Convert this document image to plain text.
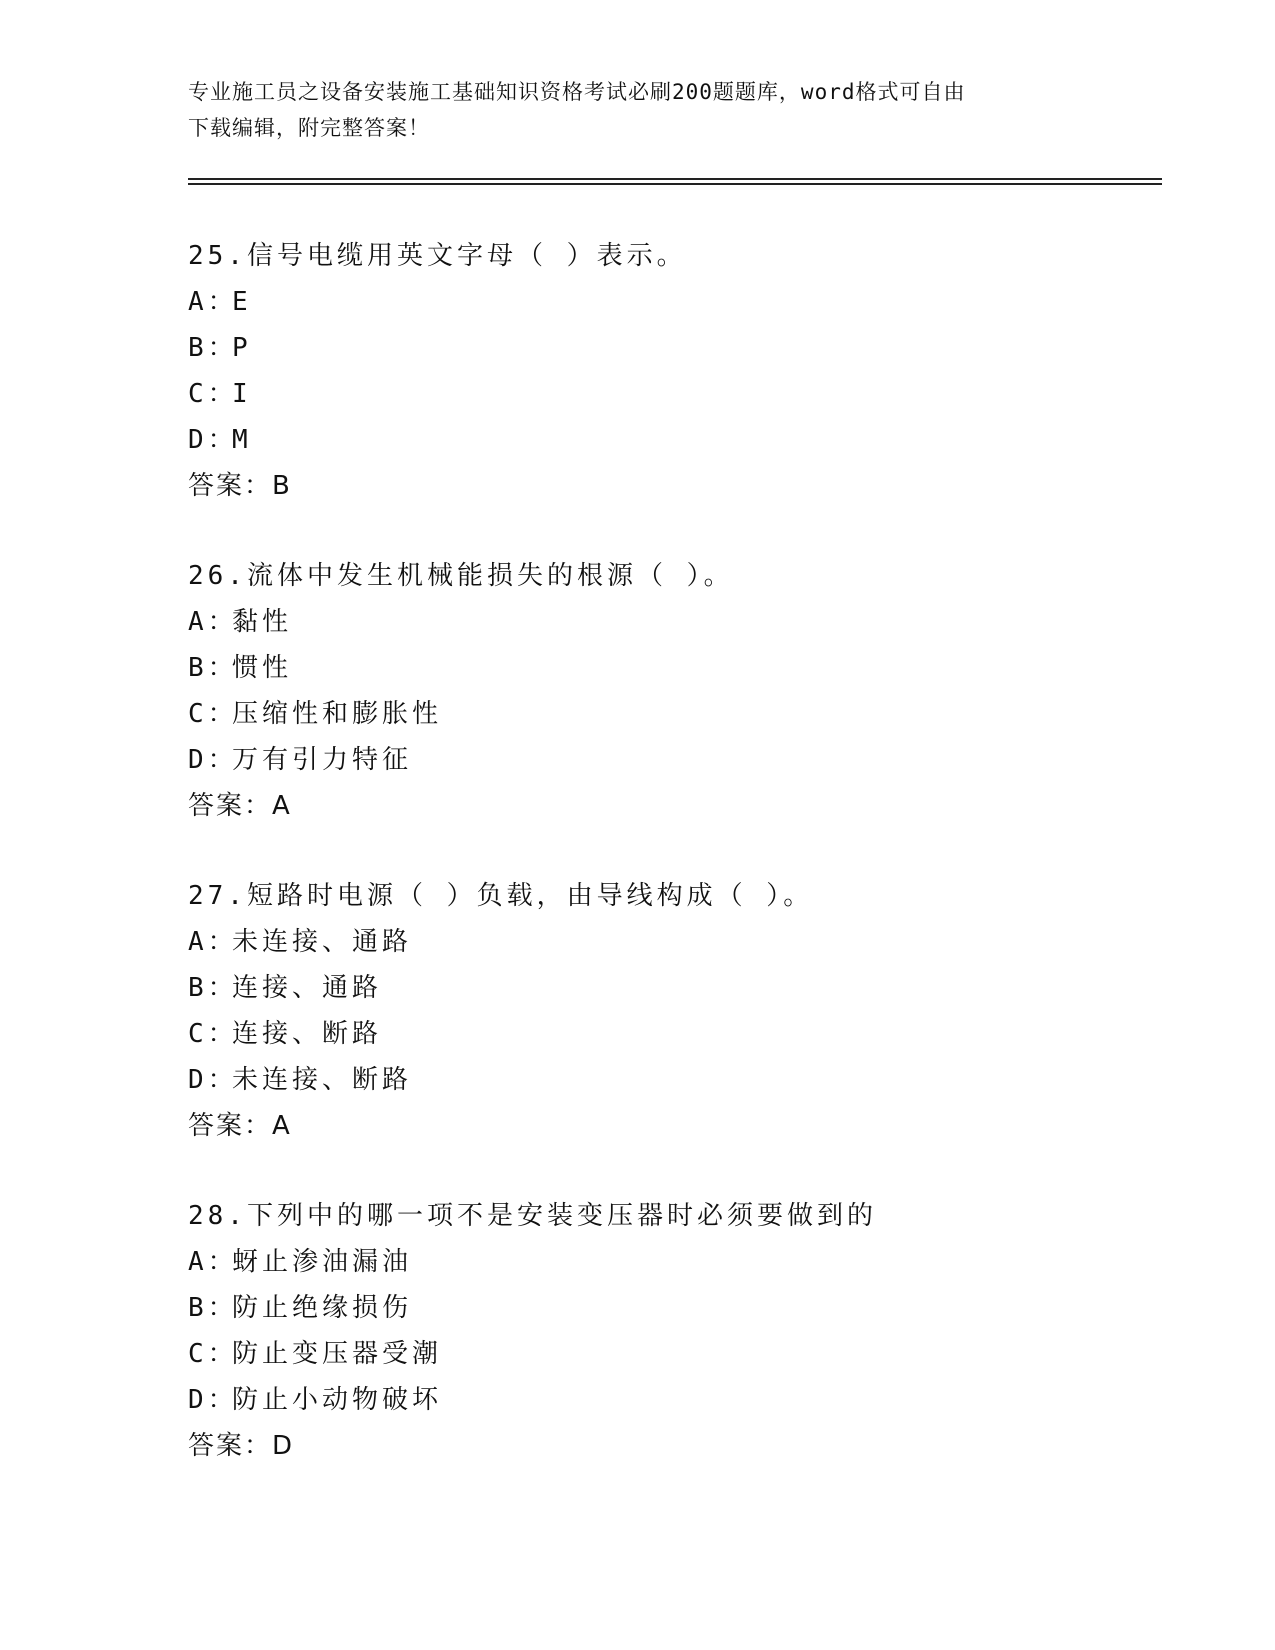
专业施工员之设备安装施工基础知识资格考试必刷200题题库，word格式可自由
下载编辑，附完整答案！
25.信号电缆用英文字母（ ）表示。
A：E
B：P
C：I
D：M
答案：B
26.流体中发生机械能损失的根源（ ）。
A：黏性
B：惯性
C：压缩性和膨胀性
D：万有引力特征
答案：A
27.短路时电源（ ）负载，由导线构成（ ）。
A：未连接、通路
B：连接、通路
C：连接、断路
D：未连接、断路
答案：A
28.下列中的哪一项不是安装变压器时必须要做到的
A：蚜止渗油漏油
B：防止绝缘损伤
C：防止变压器受潮
D：防止小动物破坏
答案：D
